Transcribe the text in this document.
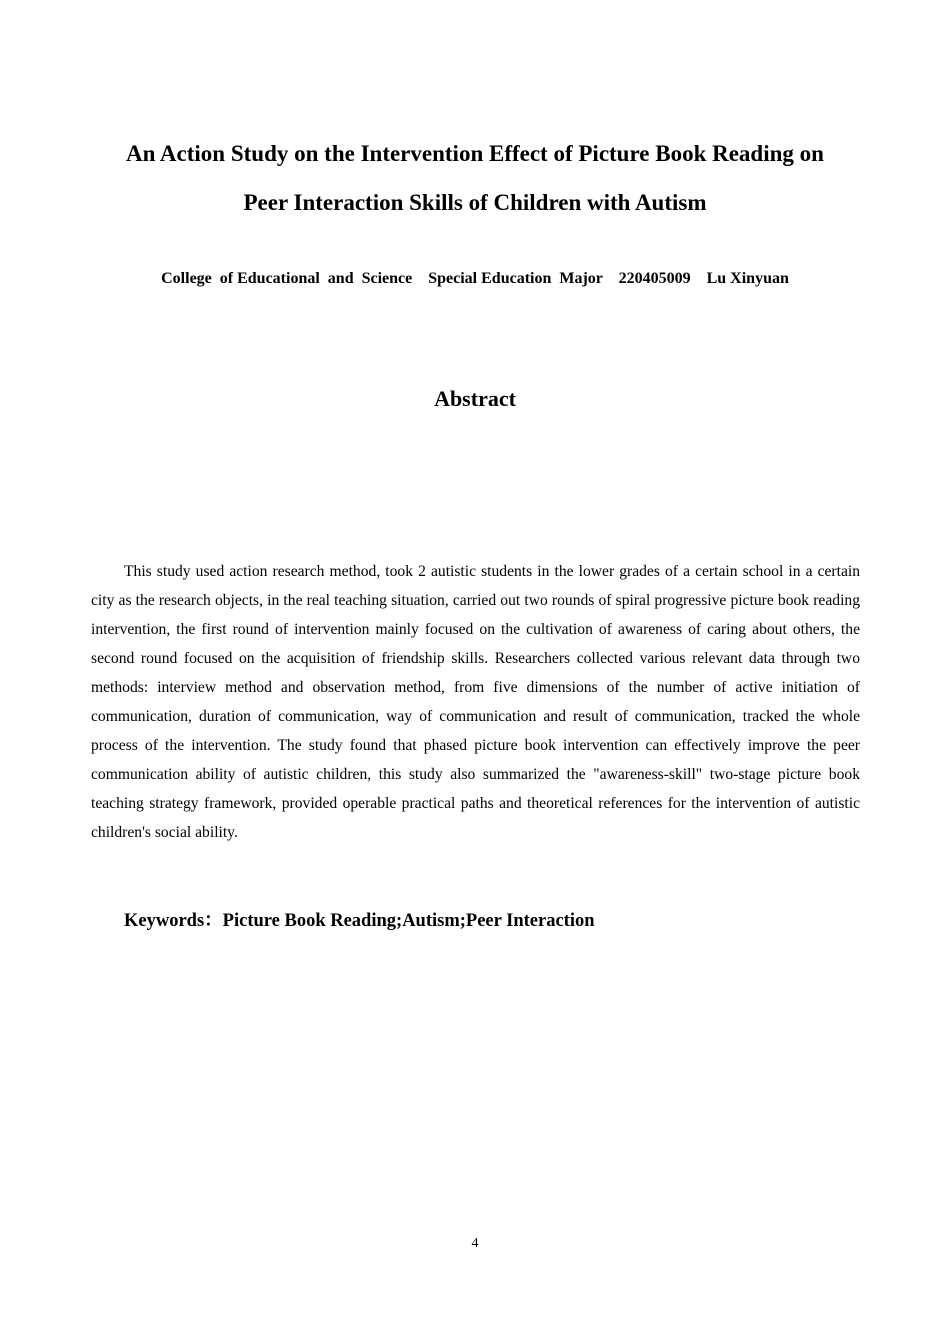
An Action Study on the Intervention Effect of Picture Book Reading on
Peer Interaction Skills of Children with Autism
College  of Educational  and  Science    Special Education  Major    220405009    Lu Xinyuan
Abstract

This study used action research method, took 2 autistic students in the lower grades of a certain school in a certain city as the research objects, in the real teaching situation, carried out two rounds of spiral progressive picture book reading intervention, the first round of intervention mainly focused on the cultivation of awareness of caring about others, the second round focused on the acquisition of friendship skills. Researchers collected various relevant data through two methods: interview method and observation method, from five dimensions of the number of active initiation of communication, duration of communication, way of communication and result of communication, tracked the whole process of the intervention. The study found that phased picture book intervention can effectively improve the peer communication ability of autistic children, this study also summarized the "awareness-skill" two-stage picture book teaching strategy framework, provided operable practical paths and theoretical references for the intervention of autistic children's social ability.

Keywords：Picture Book Reading;Autism;Peer Interaction
4
